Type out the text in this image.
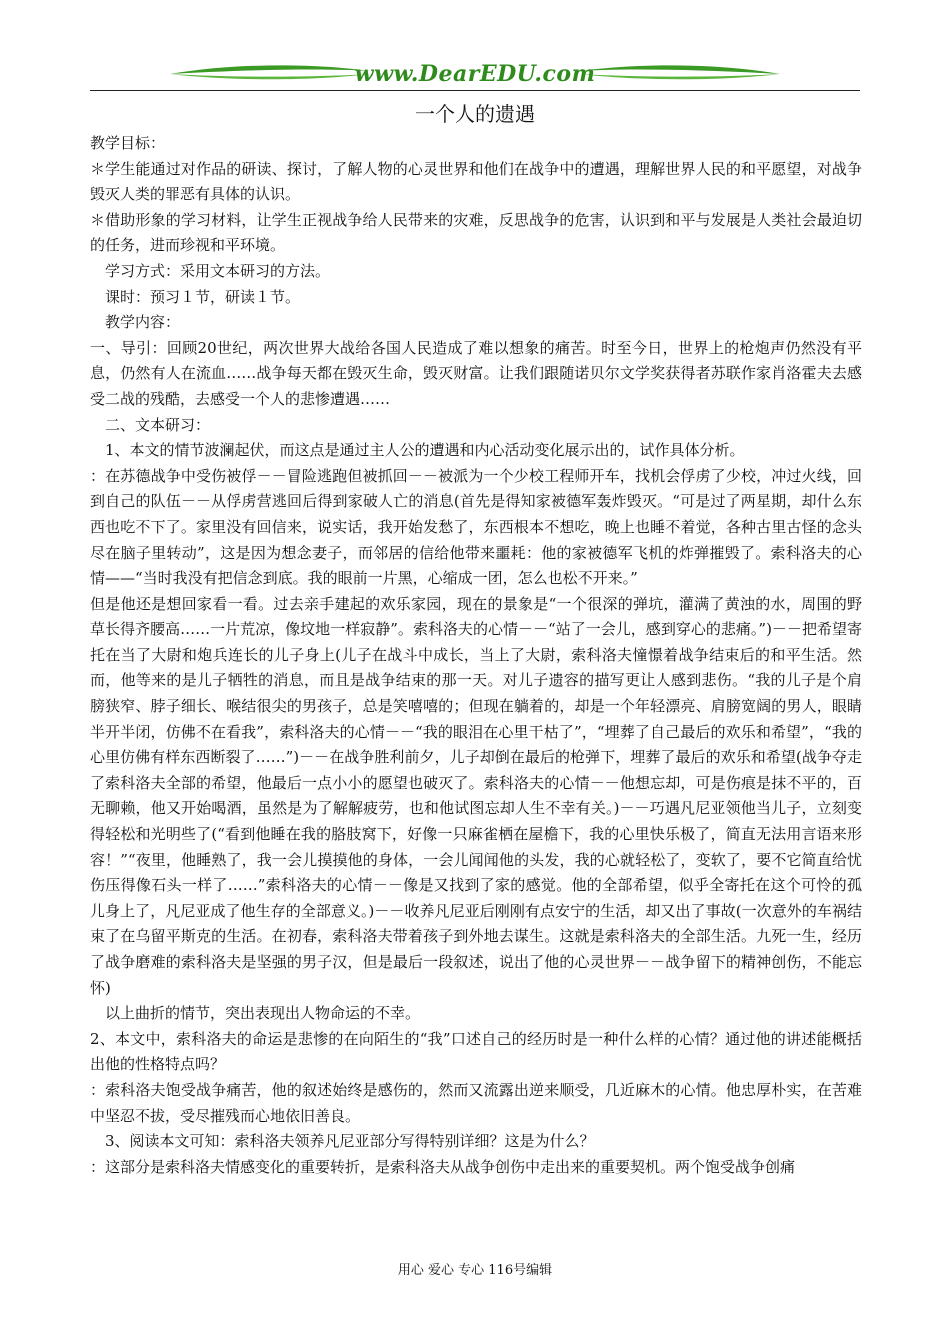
www.DearEDU.com
一个人的遗遇

教学目标：

＊学生能通过对作品的研读、探讨，了解人物的心灵世界和他们在战争中的遭遇，理解世界人民的和平愿望，对战争毁灭人类的罪恶有具体的认识。

＊借助形象的学习材料，让学生正视战争给人民带来的灾难，反思战争的危害，认识到和平与发展是人类社会最迫切的任务，进而珍视和平环境。

　学习方式：采用文本研习的方法。

　课时：预习１节，研读１节。

　教学内容：

一、导引：回顾20世纪，两次世界大战给各国人民造成了难以想象的痛苦。时至今日，世界上的枪炮声仍然没有平息，仍然有人在流血……战争每天都在毁灭生命，毁灭财富。让我们跟随诺贝尔文学奖获得者苏联作家肖洛霍夫去感受二战的残酷，去感受一个人的悲惨遭遇……

　二、文本研习：

　1、本文的情节波澜起伏，而这点是通过主人公的遭遇和内心活动变化展示出的，试作具体分析。

：在苏德战争中受伤被俘－－冒险逃跑但被抓回－－被派为一个少校工程师开车，找机会俘虏了少校，冲过火线，回到自己的队伍－－从俘虏营逃回后得到家破人亡的消息(首先是得知家被德军轰炸毁灭。“可是过了两星期，却什么东西也吃不下了。家里没有回信来，说实话，我开始发愁了，东西根本不想吃，晚上也睡不着觉，各种古里古怪的念头尽在脑子里转动”，这是因为想念妻子，而邻居的信给他带来噩耗：他的家被德军飞机的炸弹摧毁了。索科洛夫的心情——“当时我没有把信念到底。我的眼前一片黑，心缩成一团，怎么也松不开来。”

但是他还是想回家看一看。过去亲手建起的欢乐家园，现在的景象是“一个很深的弹坑，灌满了黄浊的水，周围的野草长得齐腰高……一片荒凉，像坟地一样寂静”。索科洛夫的心情－－“站了一会儿，感到穿心的悲痛。”)－－把希望寄托在当了大尉和炮兵连长的儿子身上(儿子在战斗中成长，当上了大尉，索科洛夫憧憬着战争结束后的和平生活。然而，他等来的是儿子牺牲的消息，而且是战争结束的那一天。对儿子遗容的描写更让人感到悲伤。“我的儿子是个肩膀狭窄、脖子细长、喉结很尖的男孩子，总是笑嘻嘻的；但现在躺着的，却是一个年轻漂亮、肩膀宽阔的男人，眼睛半开半闭，仿佛不在看我”，索科洛夫的心情－－“我的眼泪在心里干枯了”，“埋葬了自己最后的欢乐和希望”，“我的心里仿佛有样东西断裂了……”)－－在战争胜利前夕，儿子却倒在最后的枪弹下，埋葬了最后的欢乐和希望(战争夺走了索科洛夫全部的希望，他最后一点小小的愿望也破灭了。索科洛夫的心情－－他想忘却，可是伤痕是抹不平的，百无聊赖，他又开始喝酒，虽然是为了解解疲劳，也和他试图忘却人生不幸有关。)－－巧遇凡尼亚领他当儿子，立刻变得轻松和光明些了(“看到他睡在我的胳肢窝下，好像一只麻雀栖在屋檐下，我的心里快乐极了，简直无法用言语来形容！”“夜里，他睡熟了，我一会儿摸摸他的身体，一会儿闻闻他的头发，我的心就轻松了，变软了，要不它简直给忧伤压得像石头一样了……”索科洛夫的心情－－像是又找到了家的感觉。他的全部希望，似乎全寄托在这个可怜的孤儿身上了，凡尼亚成了他生存的全部意义。)－－收养凡尼亚后刚刚有点安宁的生活，却又出了事故(一次意外的车祸结束了在乌留平斯克的生活。在初春，索科洛夫带着孩子到外地去谋生。这就是索科洛夫的全部生活。九死一生，经历了战争磨难的索科洛夫是坚强的男子汉，但是最后一段叙述，说出了他的心灵世界－－战争留下的精神创伤，不能忘怀)

　以上曲折的情节，突出表现出人物命运的不幸。

2、本文中，索科洛夫的命运是悲惨的在向陌生的“我”口述自己的经历时是一种什么样的心情？通过他的讲述能概括出他的性格特点吗？

：索科洛夫饱受战争痛苦，他的叙述始终是感伤的，然而又流露出逆来顺受，几近麻木的心情。他忠厚朴实，在苦难中坚忍不拔，受尽摧残而心地依旧善良。

　3、阅读本文可知：索科洛夫领养凡尼亚部分写得特别详细？这是为什么？

：这部分是索科洛夫情感变化的重要转折，是索科洛夫从战争创伤中走出来的重要契机。两个饱受战争创痛

用心 爱心 专心 116号编辑
